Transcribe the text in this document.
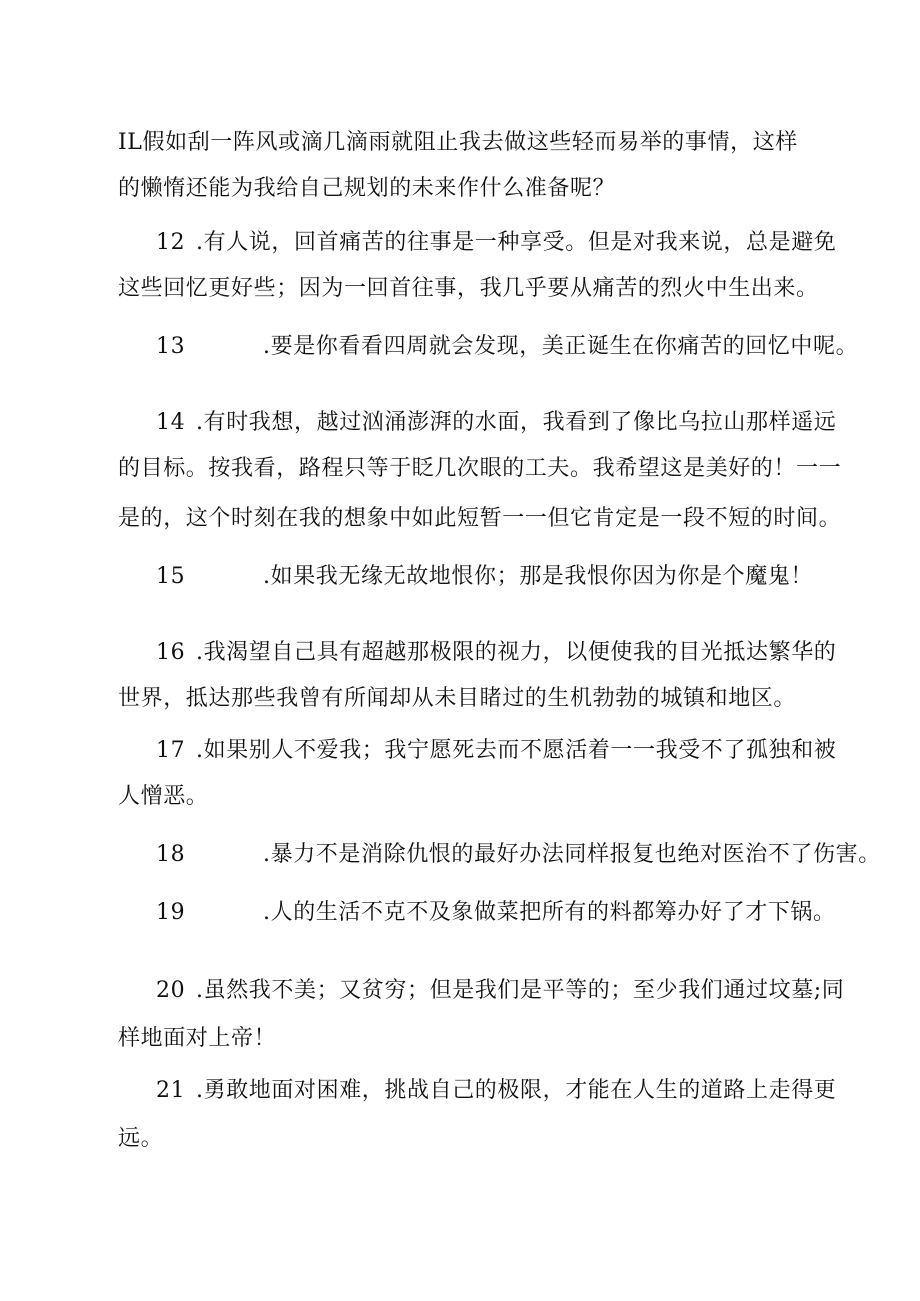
IL假如刮一阵风或滴几滴雨就阻止我去做这些轻而易举的事情，这样
的懒惰还能为我给自己规划的未来作什么准备呢？
12 .有人说，回首痛苦的往事是一种享受。但是对我来说，总是避免
这些回忆更好些；因为一回首往事，我几乎要从痛苦的烈火中生出来。
13	.要是你看看四周就会发现，美正诞生在你痛苦的回忆中呢。
14 .有时我想，越过汹涌澎湃的水面，我看到了像比乌拉山那样遥远
的目标。按我看，路程只等于眨几次眼的工夫。我希望这是美好的！一一
是的，这个时刻在我的想象中如此短暂一一但它肯定是一段不短的时间。
15	.如果我无缘无故地恨你；那是我恨你因为你是个魔鬼！
16 .我渴望自己具有超越那极限的视力，以便使我的目光抵达繁华的
世界，抵达那些我曾有所闻却从未目睹过的生机勃勃的城镇和地区。
17 .如果别人不爱我；我宁愿死去而不愿活着一一我受不了孤独和被
人憎恶。
18	.暴力不是消除仇恨的最好办法同样报复也绝对医治不了伤害。
19	.人的生活不克不及象做菜把所有的料都筹办好了才下锅。
20 .虽然我不美；又贫穷；但是我们是平等的；至少我们通过坟墓;同
样地面对上帝！
21 .勇敢地面对困难，挑战自己的极限，才能在人生的道路上走得更
远。
